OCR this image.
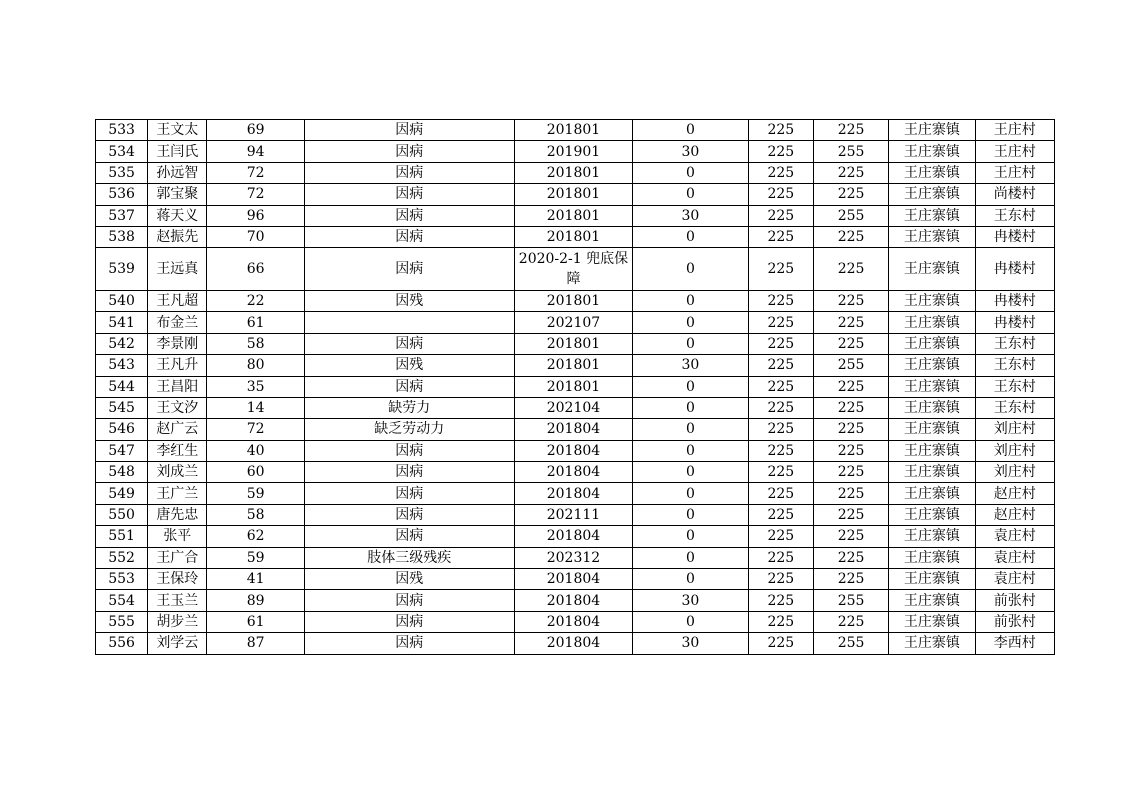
533	王文太	69	因病	201801	0	225	225	王庄寨镇	王庄村
534	王闫氏	94	因病	201901	30	225	255	王庄寨镇	王庄村
535	孙远智	72	因病	201801	0	225	225	王庄寨镇	王庄村
536	郭宝聚	72	因病	201801	0	225	225	王庄寨镇	尚楼村
537	蒋天义	96	因病	201801	30	225	255	王庄寨镇	王东村
538	赵振先	70	因病	201801	0	225	225	王庄寨镇	冉楼村
539	王远真	66	因病	2020-2-1 兜底保障	0	225	225	王庄寨镇	冉楼村
540	王凡超	22	因残	201801	0	225	225	王庄寨镇	冉楼村
541	布金兰	61		202107	0	225	225	王庄寨镇	冉楼村
542	李景刚	58	因病	201801	0	225	225	王庄寨镇	王东村
543	王凡升	80	因残	201801	30	225	255	王庄寨镇	王东村
544	王昌阳	35	因病	201801	0	225	225	王庄寨镇	王东村
545	王文汐	14	缺劳力	202104	0	225	225	王庄寨镇	王东村
546	赵广云	72	缺乏劳动力	201804	0	225	225	王庄寨镇	刘庄村
547	李红生	40	因病	201804	0	225	225	王庄寨镇	刘庄村
548	刘成兰	60	因病	201804	0	225	225	王庄寨镇	刘庄村
549	王广兰	59	因病	201804	0	225	225	王庄寨镇	赵庄村
550	唐先忠	58	因病	202111	0	225	225	王庄寨镇	赵庄村
551	张平	62	因病	201804	0	225	225	王庄寨镇	袁庄村
552	王广合	59	肢体三级残疾	202312	0	225	225	王庄寨镇	袁庄村
553	王保玲	41	因残	201804	0	225	225	王庄寨镇	袁庄村
554	王玉兰	89	因病	201804	30	225	255	王庄寨镇	前张村
555	胡步兰	61	因病	201804	0	225	225	王庄寨镇	前张村
556	刘学云	87	因病	201804	30	225	255	王庄寨镇	李西村
